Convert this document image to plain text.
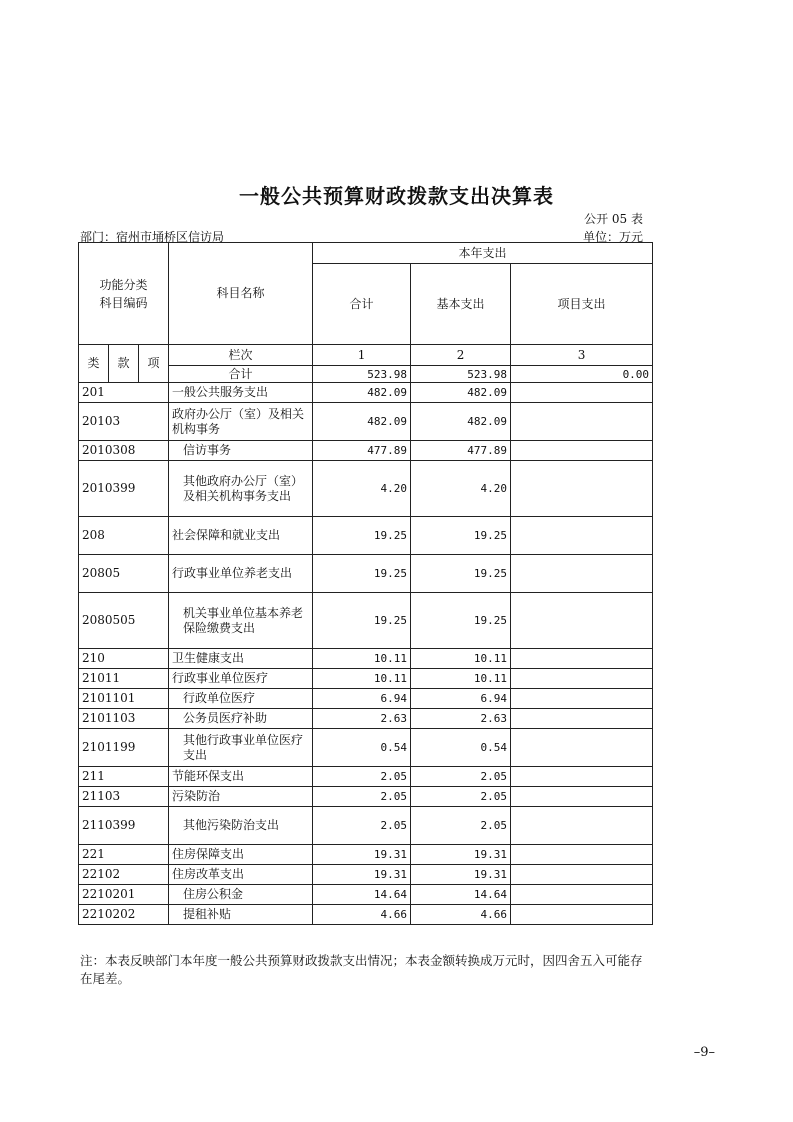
一般公共预算财政拨款支出决算表
公开 05 表
部门：宿州市埇桥区信访局	单位：万元
功能分类
科目编码			科目名称	本年支出		
				合计	基本支出	项目支出
类	款	项	栏次	1	2	3
			合计	523.98	523.98	0.00
201			一般公共服务支出	482.09	482.09	
20103			政府办公厅（室）及相关机构事务	482.09	482.09	
2010308			信访事务	477.89	477.89	
2010399			其他政府办公厅（室）及相关机构事务支出	4.20	4.20	
208			社会保障和就业支出	19.25	19.25	
20805			行政事业单位养老支出	19.25	19.25	
2080505			机关事业单位基本养老保险缴费支出	19.25	19.25	
210			卫生健康支出	10.11	10.11	
21011			行政事业单位医疗	10.11	10.11	
2101101			行政单位医疗	6.94	6.94	
2101103			公务员医疗补助	2.63	2.63	
2101199			其他行政事业单位医疗支出	0.54	0.54	
211			节能环保支出	2.05	2.05	
21103			污染防治	2.05	2.05	
2110399			其他污染防治支出	2.05	2.05	
221			住房保障支出	19.31	19.31	
22102			住房改革支出	19.31	19.31	
2210201			住房公积金	14.64	14.64	
2210202			提租补贴	4.66	4.66	
注：本表反映部门本年度一般公共预算财政拨款支出情况；本表金额转换成万元时，因四舍五入可能存在尾差。
–9–
